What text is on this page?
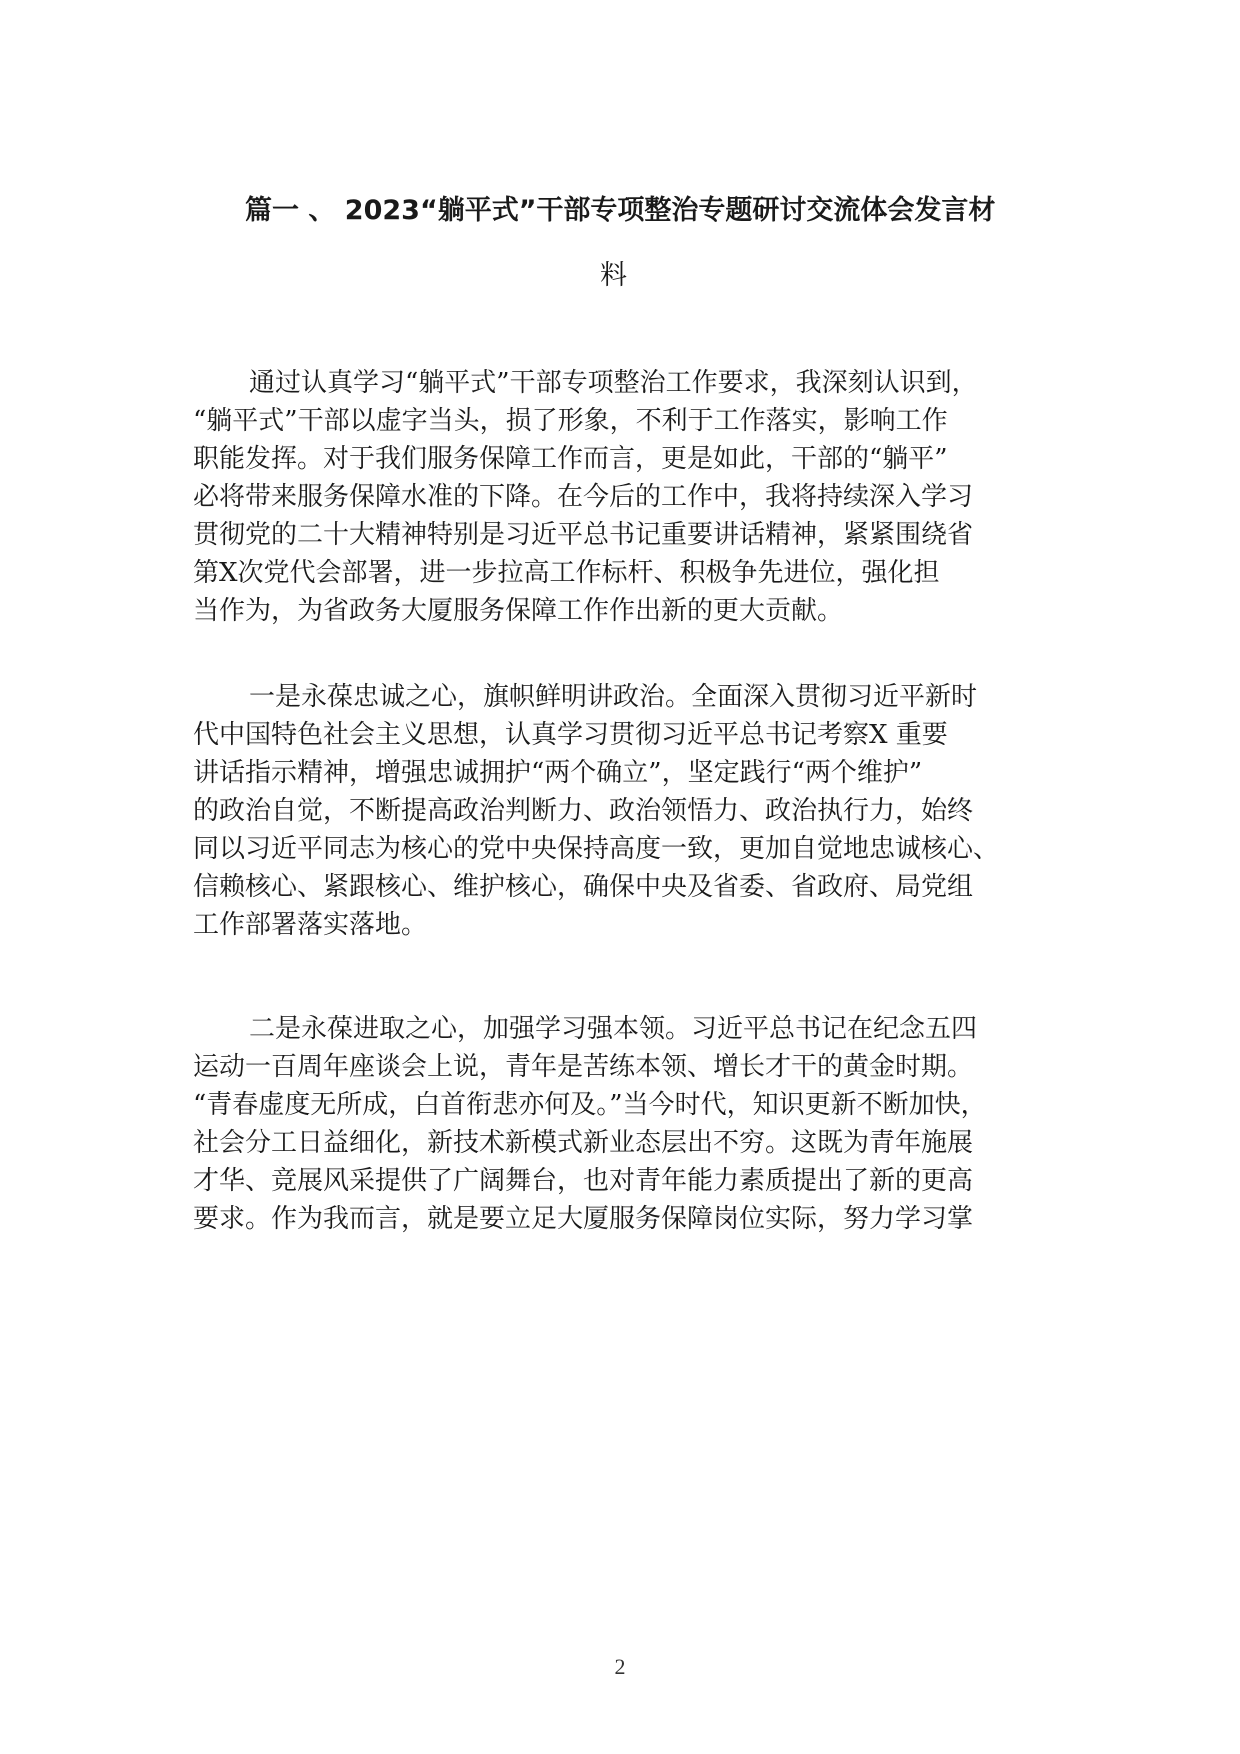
篇一 、 2023“躺平式”干部专项整治专题研讨交流体会发言材
料
通过认真学习“躺平式”干部专项整治工作要求，我深刻认识到，
“躺平式”干部以虚字当头，损了形象，不利于工作落实，影响工作
职能发挥。对于我们服务保障工作而言，更是如此，干部的“躺平”
必将带来服务保障水准的下降。在今后的工作中，我将持续深入学习
贯彻党的二十大精神特别是习近平总书记重要讲话精神，紧紧围绕省
第X次党代会部署，进一步拉高工作标杆、积极争先进位，强化担
当作为，为省政务大厦服务保障工作作出新的更大贡献。
一是永葆忠诚之心，旗帜鲜明讲政治。全面深入贯彻习近平新时
代中国特色社会主义思想，认真学习贯彻习近平总书记考察X 重要
讲话指示精神，增强忠诚拥护“两个确立”，坚定践行“两个维护”
的政治自觉，不断提高政治判断力、政治领悟力、政治执行力，始终
同以习近平同志为核心的党中央保持高度一致，更加自觉地忠诚核心、
信赖核心、紧跟核心、维护核心，确保中央及省委、省政府、局党组
工作部署落实落地。
二是永葆进取之心，加强学习强本领。习近平总书记在纪念五四
运动一百周年座谈会上说，青年是苦练本领、增长才干的黄金时期。
“青春虚度无所成，白首衔悲亦何及。”当今时代，知识更新不断加快，
社会分工日益细化，新技术新模式新业态层出不穷。这既为青年施展
才华、竞展风采提供了广阔舞台，也对青年能力素质提出了新的更高
要求。作为我而言，就是要立足大厦服务保障岗位实际，努力学习掌
2
